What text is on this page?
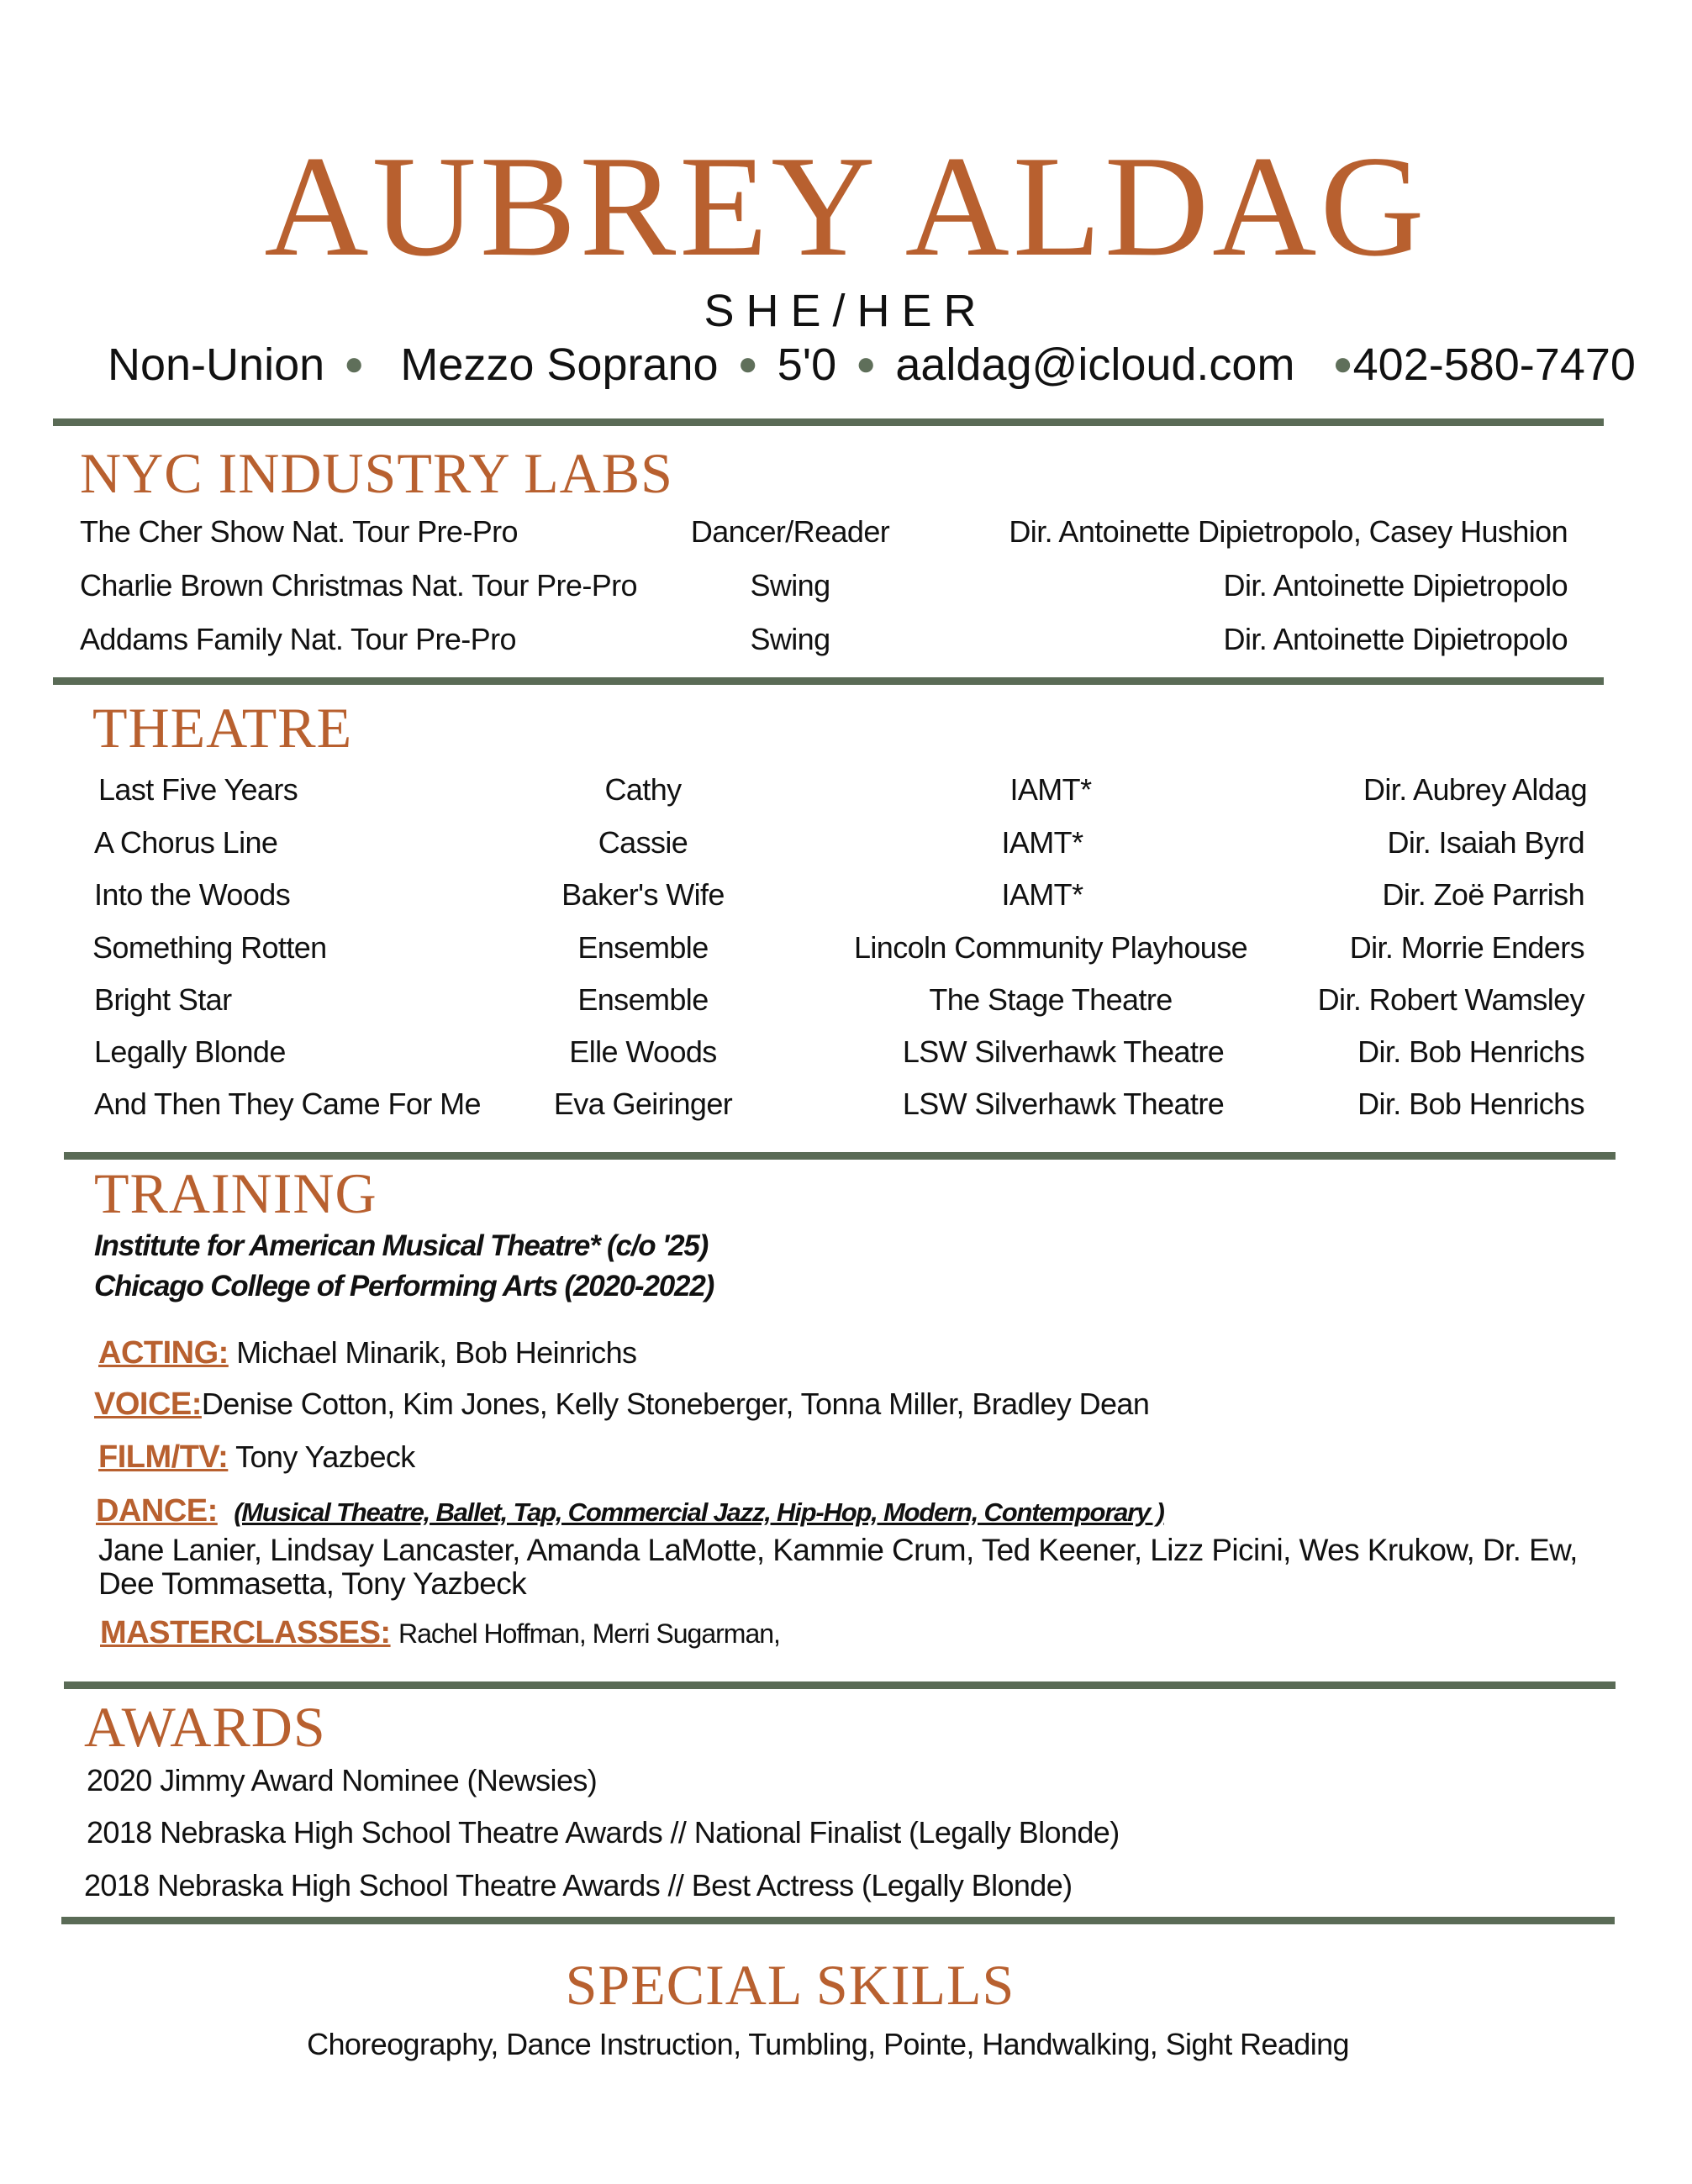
AUBREY ALDAG
SHE/HER
Non-Union ● Mezzo Soprano ● 5'0 ● aaldag@icloud.com ●402-580-7470
NYC INDUSTRY LABS
The Cher Show Nat. Tour Pre-Pro	Dancer/Reader	Dir. Antoinette Dipietropolo, Casey Hushion
Charlie Brown Christmas Nat. Tour Pre-Pro	Swing	Dir. Antoinette Dipietropolo
Addams Family Nat. Tour Pre-Pro	Swing	Dir. Antoinette Dipietropolo
THEATRE
Last Five Years	Cathy	IAMT*	Dir. Aubrey Aldag
A Chorus Line	Cassie	IAMT*	Dir. Isaiah Byrd
Into the Woods	Baker's Wife	IAMT*	Dir. Zoë Parrish
Something Rotten	Ensemble	Lincoln Community Playhouse	Dir. Morrie Enders
Bright Star	Ensemble	The Stage Theatre	Dir. Robert Wamsley
Legally Blonde	Elle Woods	LSW Silverhawk Theatre	Dir. Bob Henrichs
And Then They Came For Me	Eva Geiringer	LSW Silverhawk Theatre	Dir. Bob Henrichs
TRAINING
Institute for American Musical Theatre* (c/o '25)
Chicago College of Performing Arts (2020-2022)
ACTING: Michael Minarik, Bob Heinrichs
VOICE:Denise Cotton, Kim Jones, Kelly Stoneberger, Tonna Miller, Bradley Dean
FILM/TV: Tony Yazbeck
DANCE: (Musical Theatre, Ballet, Tap, Commercial Jazz, Hip-Hop, Modern, Contemporary )
Jane Lanier, Lindsay Lancaster, Amanda LaMotte, Kammie Crum, Ted Keener, Lizz Picini, Wes Krukow, Dr. Ew,
Dee Tommasetta, Tony Yazbeck
MASTERCLASSES: Rachel Hoffman, Merri Sugarman,
AWARDS
2020 Jimmy Award Nominee (Newsies)
2018 Nebraska High School Theatre Awards // National Finalist (Legally Blonde)
2018 Nebraska High School Theatre Awards // Best Actress (Legally Blonde)
SPECIAL SKILLS
Choreography, Dance Instruction, Tumbling, Pointe, Handwalking, Sight Reading
